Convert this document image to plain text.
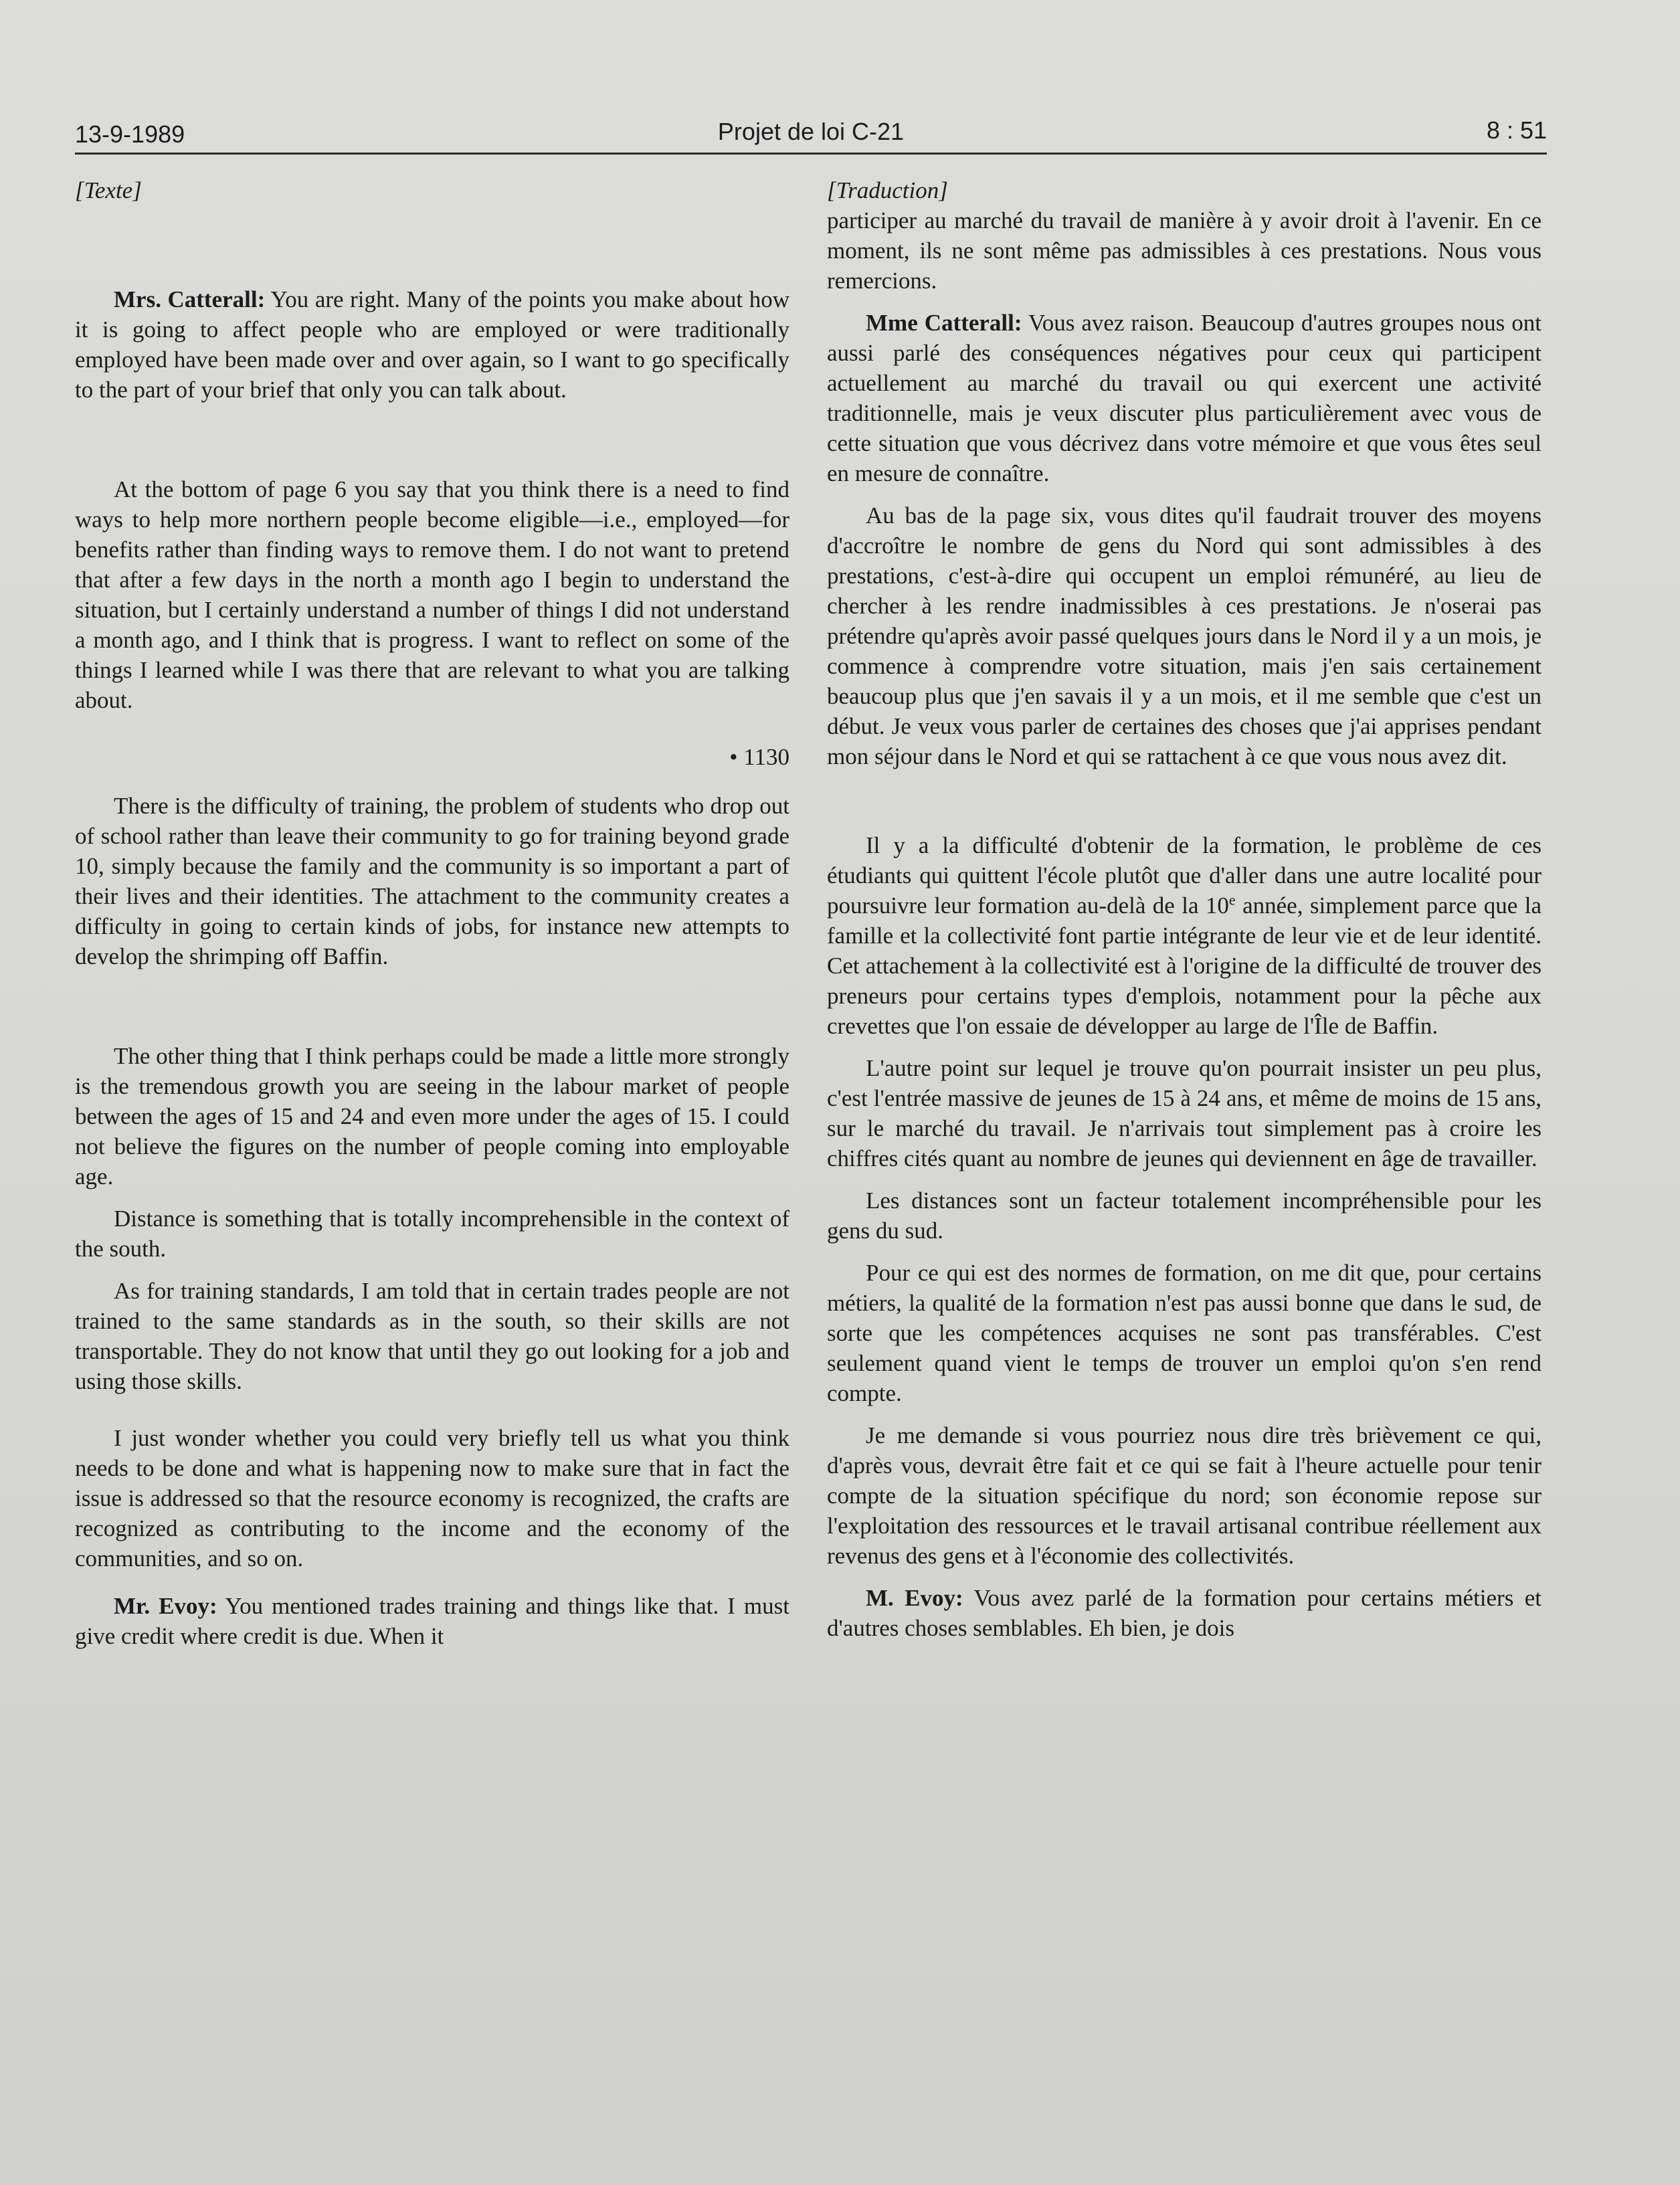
13-9-1989	Projet de loi C-21	8 : 51

[Texte]

Mrs. Catterall: You are right. Many of the points you make about how it is going to affect people who are employed or were traditionally employed have been made over and over again, so I want to go specifically to the part of your brief that only you can talk about.

At the bottom of page 6 you say that you think there is a need to find ways to help more northern people become eligible—i.e., employed—for benefits rather than finding ways to remove them. I do not want to pretend that after a few days in the north a month ago I begin to understand the situation, but I certainly understand a number of things I did not understand a month ago, and I think that is progress. I want to reflect on some of the things I learned while I was there that are relevant to what you are talking about.

• 1130

There is the difficulty of training, the problem of students who drop out of school rather than leave their community to go for training beyond grade 10, simply because the family and the community is so important a part of their lives and their identities. The attachment to the community creates a difficulty in going to certain kinds of jobs, for instance new attempts to develop the shrimping off Baffin.

The other thing that I think perhaps could be made a little more strongly is the tremendous growth you are seeing in the labour market of people between the ages of 15 and 24 and even more under the ages of 15. I could not believe the figures on the number of people coming into employable age.

Distance is something that is totally incomprehensible in the context of the south.

As for training standards, I am told that in certain trades people are not trained to the same standards as in the south, so their skills are not transportable. They do not know that until they go out looking for a job and using those skills.

I just wonder whether you could very briefly tell us what you think needs to be done and what is happening now to make sure that in fact the issue is addressed so that the resource economy is recognized, the crafts are recognized as contributing to the income and the economy of the communities, and so on.

Mr. Evoy: You mentioned trades training and things like that. I must give credit where credit is due. When it

[Traduction]

participer au marché du travail de manière à y avoir droit à l'avenir. En ce moment, ils ne sont même pas admissibles à ces prestations. Nous vous remercions.

Mme Catterall: Vous avez raison. Beaucoup d'autres groupes nous ont aussi parlé des conséquences négatives pour ceux qui participent actuellement au marché du travail ou qui exercent une activité traditionnelle, mais je veux discuter plus particulièrement avec vous de cette situation que vous décrivez dans votre mémoire et que vous êtes seul en mesure de connaître.

Au bas de la page six, vous dites qu'il faudrait trouver des moyens d'accroître le nombre de gens du Nord qui sont admissibles à des prestations, c'est-à-dire qui occupent un emploi rémunéré, au lieu de chercher à les rendre inadmissibles à ces prestations. Je n'oserai pas prétendre qu'après avoir passé quelques jours dans le Nord il y a un mois, je commence à comprendre votre situation, mais j'en sais certainement beaucoup plus que j'en savais il y a un mois, et il me semble que c'est un début. Je veux vous parler de certaines des choses que j'ai apprises pendant mon séjour dans le Nord et qui se rattachent à ce que vous nous avez dit.

Il y a la difficulté d'obtenir de la formation, le problème de ces étudiants qui quittent l'école plutôt que d'aller dans une autre localité pour poursuivre leur formation au-delà de la 10e année, simplement parce que la famille et la collectivité font partie intégrante de leur vie et de leur identité. Cet attachement à la collectivité est à l'origine de la difficulté de trouver des preneurs pour certains types d'emplois, notamment pour la pêche aux crevettes que l'on essaie de développer au large de l'Île de Baffin.

L'autre point sur lequel je trouve qu'on pourrait insister un peu plus, c'est l'entrée massive de jeunes de 15 à 24 ans, et même de moins de 15 ans, sur le marché du travail. Je n'arrivais tout simplement pas à croire les chiffres cités quant au nombre de jeunes qui deviennent en âge de travailler.

Les distances sont un facteur totalement incompréhensible pour les gens du sud.

Pour ce qui est des normes de formation, on me dit que, pour certains métiers, la qualité de la formation n'est pas aussi bonne que dans le sud, de sorte que les compétences acquises ne sont pas transférables. C'est seulement quand vient le temps de trouver un emploi qu'on s'en rend compte.

Je me demande si vous pourriez nous dire très brièvement ce qui, d'après vous, devrait être fait et ce qui se fait à l'heure actuelle pour tenir compte de la situation spécifique du nord; son économie repose sur l'exploitation des ressources et le travail artisanal contribue réellement aux revenus des gens et à l'économie des collectivités.

M. Evoy: Vous avez parlé de la formation pour certains métiers et d'autres choses semblables. Eh bien, je dois
